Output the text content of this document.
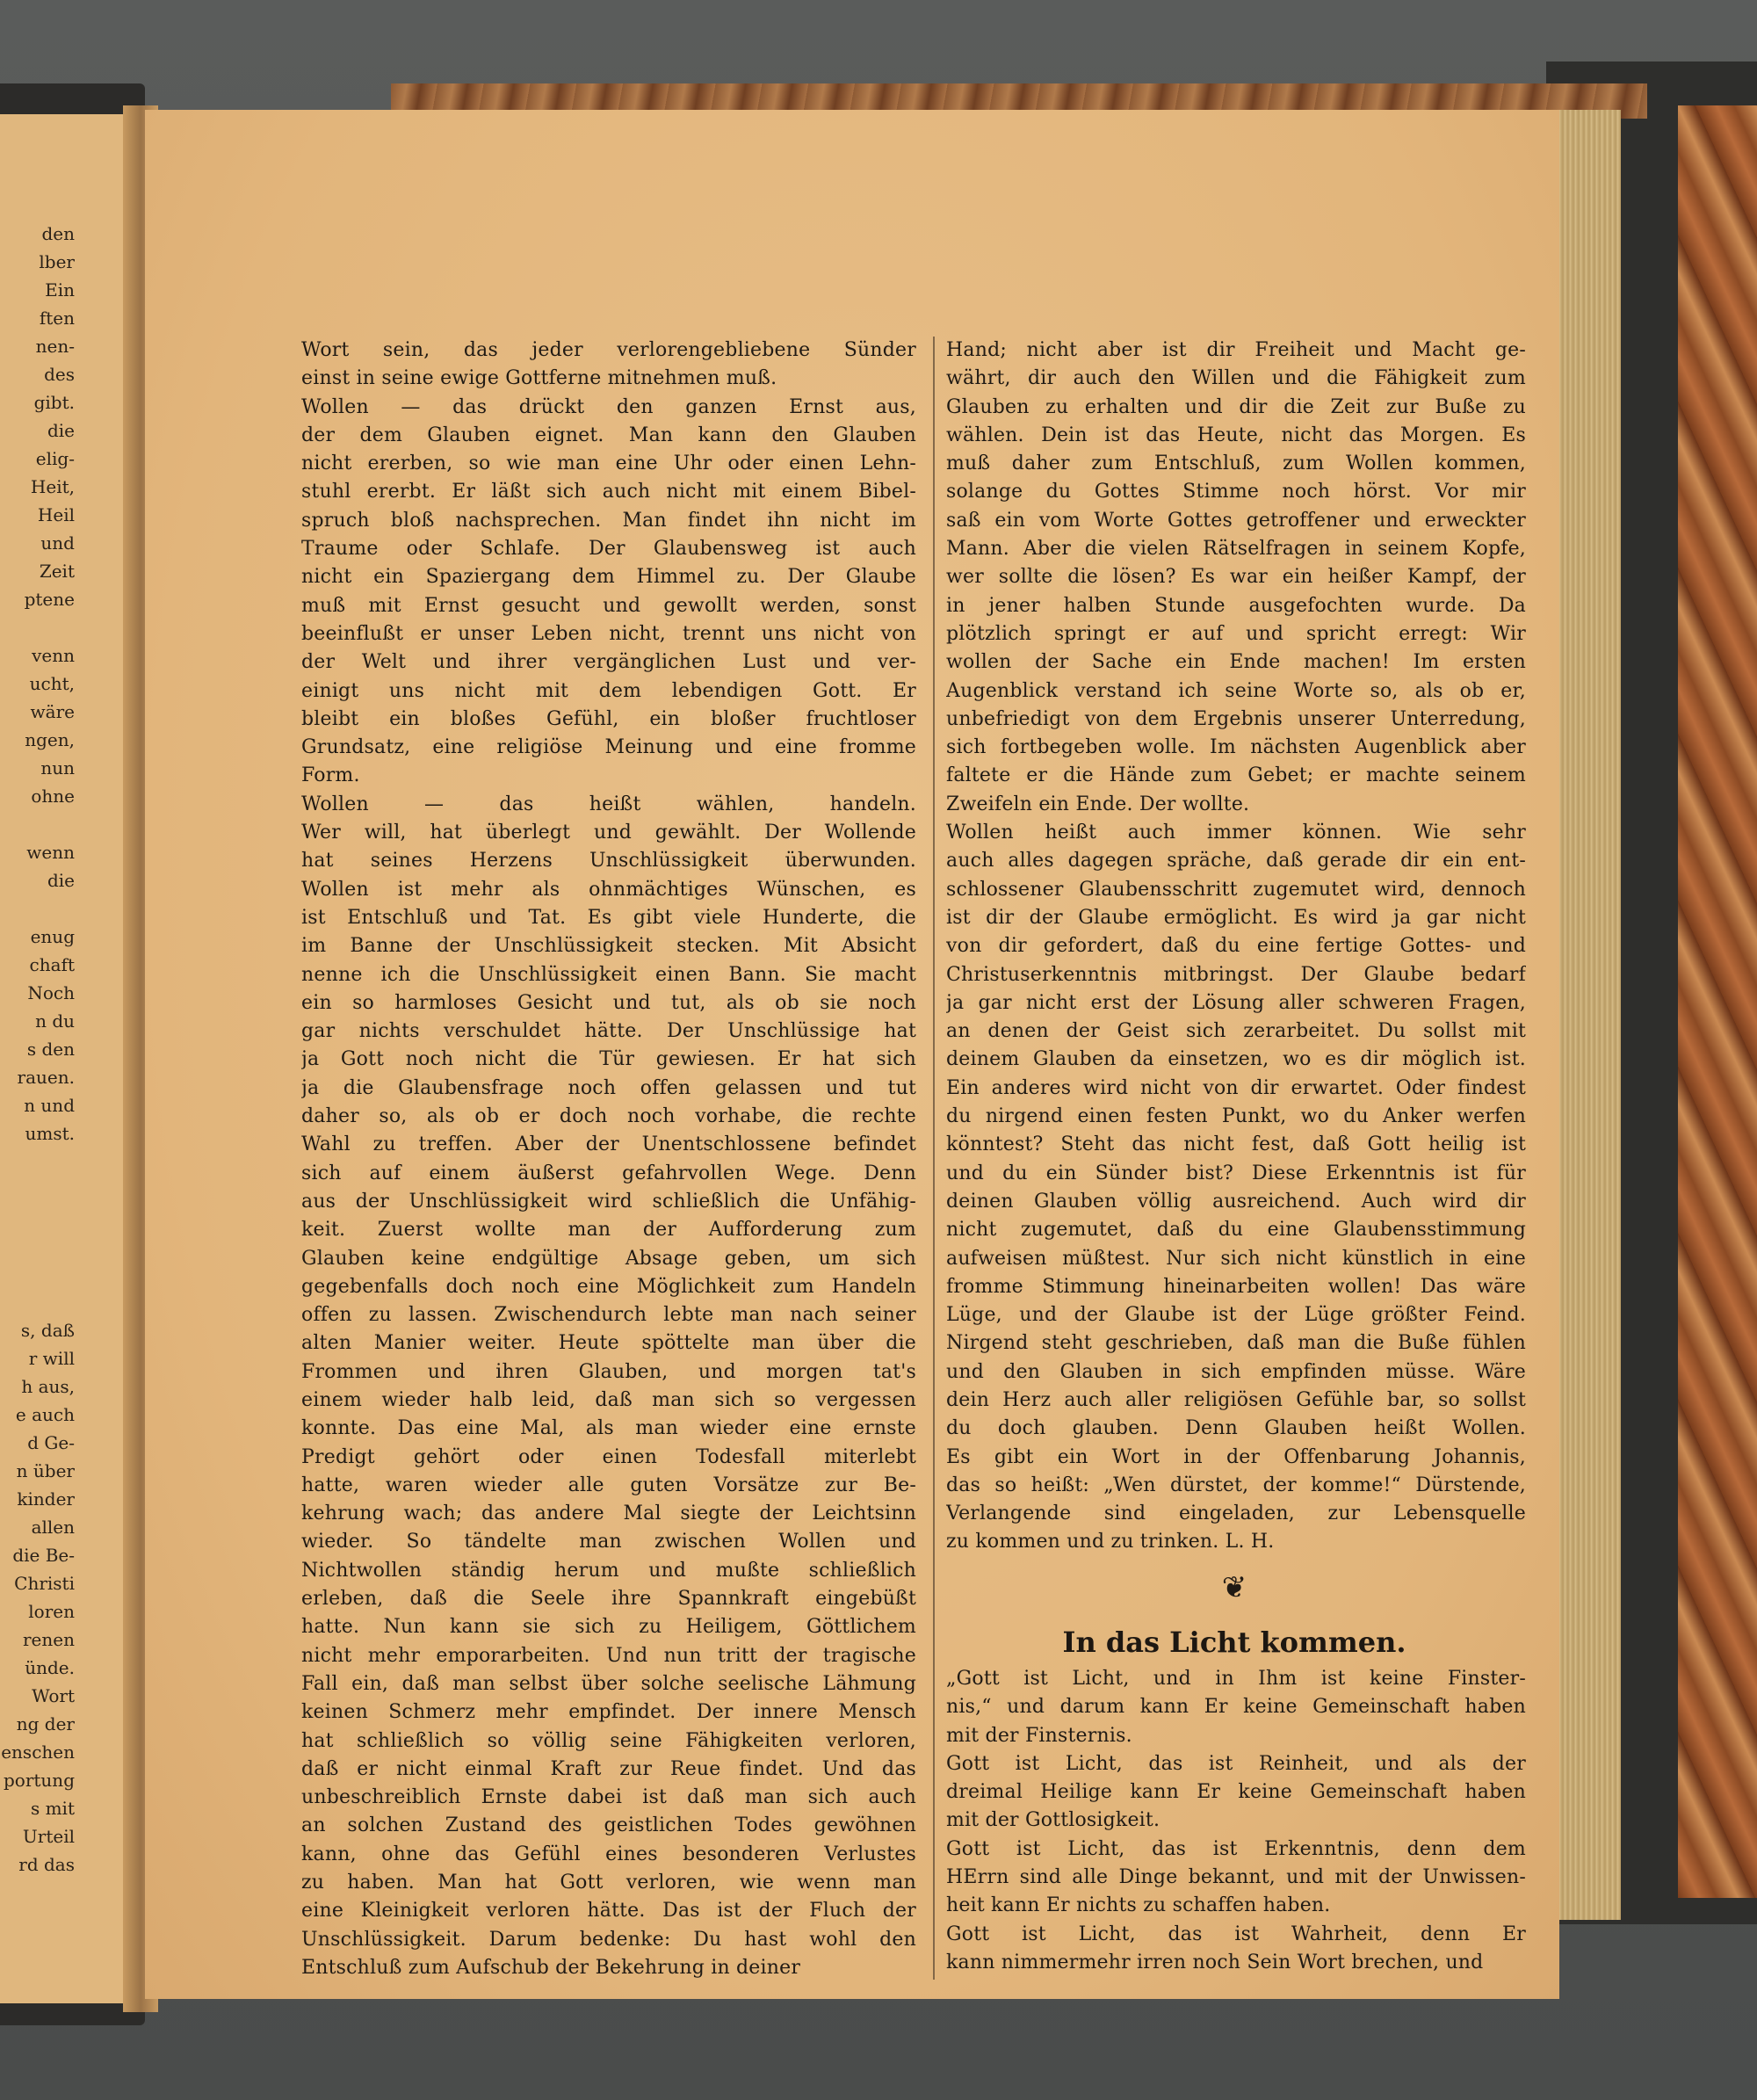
Wort sein, das jeder verlorengebliebene Sünder
einst in seine ewige Gottferne mitnehmen muß.
Wollen — das drückt den ganzen Ernst aus,
der dem Glauben eignet. Man kann den Glauben
nicht ererben, so wie man eine Uhr oder einen Lehn-
stuhl ererbt. Er läßt sich auch nicht mit einem Bibel-
spruch bloß nachsprechen. Man findet ihn nicht im
Traume oder Schlafe. Der Glaubensweg ist auch
nicht ein Spaziergang dem Himmel zu. Der Glaube
muß mit Ernst gesucht und gewollt werden, sonst
beeinflußt er unser Leben nicht, trennt uns nicht von
der Welt und ihrer vergänglichen Lust und ver-
einigt uns nicht mit dem lebendigen Gott. Er
bleibt ein bloßes Gefühl, ein bloßer fruchtloser
Grundsatz, eine religiöse Meinung und eine fromme
Form.
Wollen — das heißt wählen, handeln.
Wer will, hat überlegt und gewählt. Der Wollende
hat seines Herzens Unschlüssigkeit überwunden.
Wollen ist mehr als ohnmächtiges Wünschen, es
ist Entschluß und Tat. Es gibt viele Hunderte, die
im Banne der Unschlüssigkeit stecken. Mit Absicht
nenne ich die Unschlüssigkeit einen Bann. Sie macht
ein so harmloses Gesicht und tut, als ob sie noch
gar nichts verschuldet hätte. Der Unschlüssige hat
ja Gott noch nicht die Tür gewiesen. Er hat sich
ja die Glaubensfrage noch offen gelassen und tut
daher so, als ob er doch noch vorhabe, die rechte
Wahl zu treffen. Aber der Unentschlossene befindet
sich auf einem äußerst gefahrvollen Wege. Denn
aus der Unschlüssigkeit wird schließlich die Unfähig-
keit. Zuerst wollte man der Aufforderung zum
Glauben keine endgültige Absage geben, um sich
gegebenfalls doch noch eine Möglichkeit zum Handeln
offen zu lassen. Zwischendurch lebte man nach seiner
alten Manier weiter. Heute spöttelte man über die
Frommen und ihren Glauben, und morgen tat's
einem wieder halb leid, daß man sich so vergessen
konnte. Das eine Mal, als man wieder eine ernste
Predigt gehört oder einen Todesfall miterlebt
hatte, waren wieder alle guten Vorsätze zur Be-
kehrung wach; das andere Mal siegte der Leichtsinn
wieder. So tändelte man zwischen Wollen und
Nichtwollen ständig herum und mußte schließlich
erleben, daß die Seele ihre Spannkraft eingebüßt
hatte. Nun kann sie sich zu Heiligem, Göttlichem
nicht mehr emporarbeiten. Und nun tritt der tragische
Fall ein, daß man selbst über solche seelische Lähmung
keinen Schmerz mehr empfindet. Der innere Mensch
hat schließlich so völlig seine Fähigkeiten verloren,
daß er nicht einmal Kraft zur Reue findet. Und das
unbeschreiblich Ernste dabei ist daß man sich auch
an solchen Zustand des geistlichen Todes gewöhnen
kann, ohne das Gefühl eines besonderen Verlustes
zu haben. Man hat Gott verloren, wie wenn man
eine Kleinigkeit verloren hätte. Das ist der Fluch der
Unschlüssigkeit. Darum bedenke: Du hast wohl den
Entschluß zum Aufschub der Bekehrung in deiner
Hand; nicht aber ist dir Freiheit und Macht ge-
währt, dir auch den Willen und die Fähigkeit zum
Glauben zu erhalten und dir die Zeit zur Buße zu
wählen. Dein ist das Heute, nicht das Morgen. Es
muß daher zum Entschluß, zum Wollen kommen,
solange du Gottes Stimme noch hörst. Vor mir
saß ein vom Worte Gottes getroffener und erweckter
Mann. Aber die vielen Rätselfragen in seinem Kopfe,
wer sollte die lösen? Es war ein heißer Kampf, der
in jener halben Stunde ausgefochten wurde. Da
plötzlich springt er auf und spricht erregt: Wir
wollen der Sache ein Ende machen! Im ersten
Augenblick verstand ich seine Worte so, als ob er,
unbefriedigt von dem Ergebnis unserer Unterredung,
sich fortbegeben wolle. Im nächsten Augenblick aber
faltete er die Hände zum Gebet; er machte seinem
Zweifeln ein Ende. Der wollte.
Wollen heißt auch immer können. Wie sehr
auch alles dagegen spräche, daß gerade dir ein ent-
schlossener Glaubensschritt zugemutet wird, dennoch
ist dir der Glaube ermöglicht. Es wird ja gar nicht
von dir gefordert, daß du eine fertige Gottes- und
Christuserkenntnis mitbringst. Der Glaube bedarf
ja gar nicht erst der Lösung aller schweren Fragen,
an denen der Geist sich zerarbeitet. Du sollst mit
deinem Glauben da einsetzen, wo es dir möglich ist.
Ein anderes wird nicht von dir erwartet. Oder findest
du nirgend einen festen Punkt, wo du Anker werfen
könntest? Steht das nicht fest, daß Gott heilig ist
und du ein Sünder bist? Diese Erkenntnis ist für
deinen Glauben völlig ausreichend. Auch wird dir
nicht zugemutet, daß du eine Glaubensstimmung
aufweisen müßtest. Nur sich nicht künstlich in eine
fromme Stimmung hineinarbeiten wollen! Das wäre
Lüge, und der Glaube ist der Lüge größter Feind.
Nirgend steht geschrieben, daß man die Buße fühlen
und den Glauben in sich empfinden müsse. Wäre
dein Herz auch aller religiösen Gefühle bar, so sollst
du doch glauben. Denn Glauben heißt Wollen.
Es gibt ein Wort in der Offenbarung Johannis,
das so heißt: „Wen dürstet, der komme!“ Dürstende,
Verlangende sind eingeladen, zur Lebensquelle
zu kommen und zu trinken. L. H.
❦
In das Licht kommen.
„Gott ist Licht, und in Ihm ist keine Finster-
nis,“ und darum kann Er keine Gemeinschaft haben
mit der Finsternis.
Gott ist Licht, das ist Reinheit, und als der
dreimal Heilige kann Er keine Gemeinschaft haben
mit der Gottlosigkeit.
Gott ist Licht, das ist Erkenntnis, denn dem
HErrn sind alle Dinge bekannt, und mit der Unwissen-
heit kann Er nichts zu schaffen haben.
Gott ist Licht, das ist Wahrheit, denn Er
kann nimmermehr irren noch Sein Wort brechen, und
den
lber
Ein
ften
nen-
des
gibt.
die
elig-
Heit,
Heil
und
Zeit
ptene
venn
ucht,
wäre
ngen,
nun
ohne
wenn
die
enug
chaft
Noch
n du
s den
rauen.
n und
umst.
s, daß
r will
h aus,
e auch
d Ge-
n über
kinder
allen
die Be-
Christi
loren
renen
ünde.
Wort
ng der
enschen
portung
s mit
Urteil
rd das
